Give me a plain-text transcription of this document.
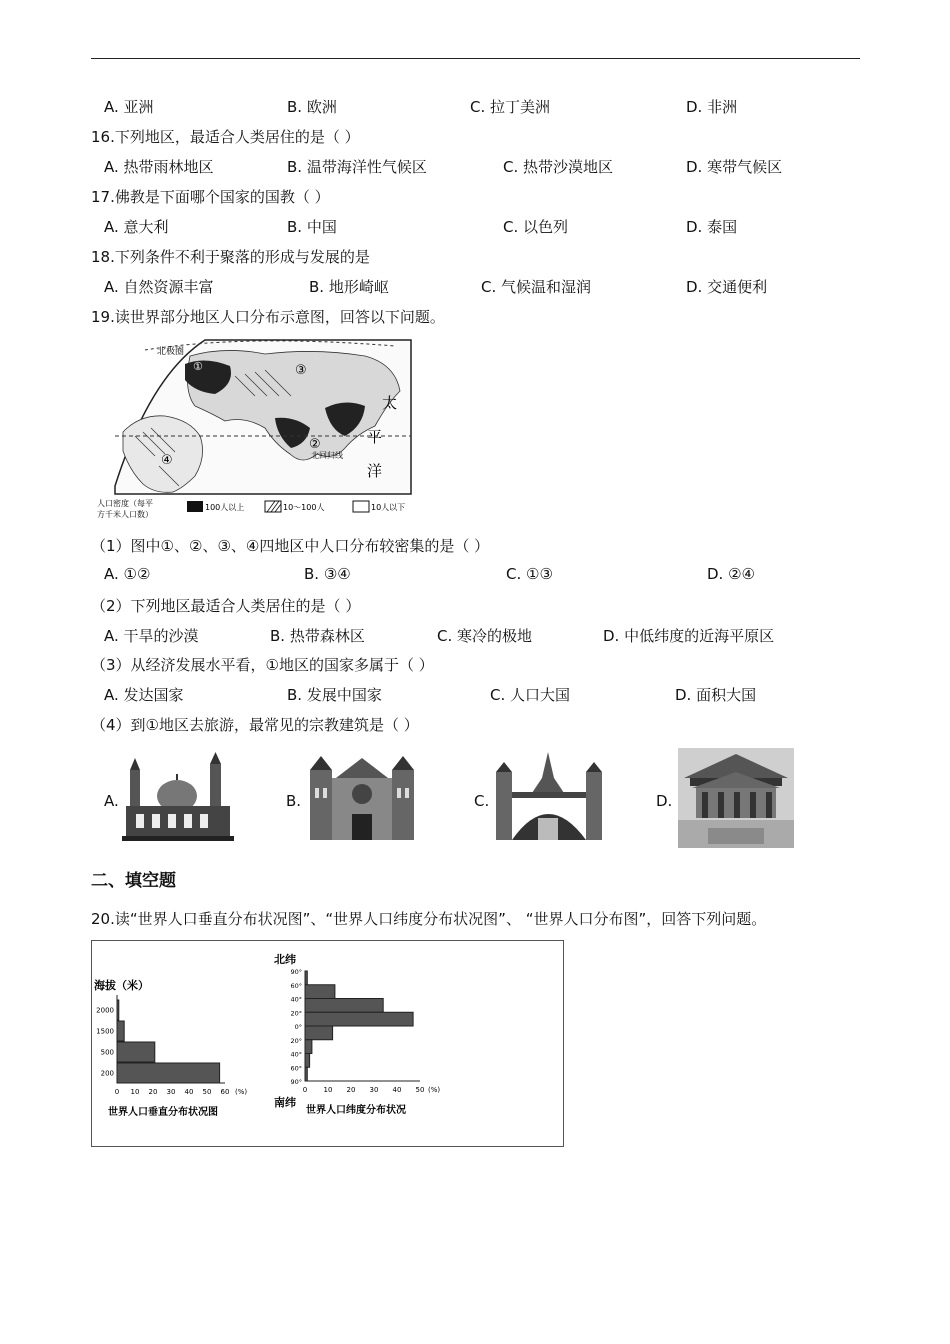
A. 亚洲	B. 欧洲	C. 拉丁美洲	D. 非洲
16.下列地区，最适合人类居住的是（ ）
A. 热带雨林地区	B. 温带海洋性气候区	C. 热带沙漠地区	D. 寒带气候区
17.佛教是下面哪个国家的国教（ ）
A. 意大利	B. 中国	C. 以色列	D. 泰国
18.下列条件不利于聚落的形成与发展的是
A. 自然资源丰富	B. 地形崎岖	C. 气候温和湿润	D. 交通便利
19.读世界部分地区人口分布示意图，回答以下问题。
北极圈
③
②
④
①
北回归线
太
平
洋
人口密度（每平
方千米人口数）
100人以上	10～100人	10人以下
（1）图中①、②、③、④四地区中人口分布较密集的是（ ）
A. ①②	B. ③④	C. ①③	D. ②④
（2）下列地区最适合人类居住的是（ ）
A. 干旱的沙漠	B. 热带森林区	C. 寒冷的极地	D. 中低纬度的近海平原区
（3）从经济发展水平看，①地区的国家多属于（ ）
A. 发达国家	B. 发展中国家	C. 人口大国	D. 面积大国
（4）到①地区去旅游，最常见的宗教建筑是（ ）
A.	B.	C.	D.
二、填空题
20.读“世界人口垂直分布状况图”、“世界人口纬度分布状况图”、 “世界人口分布图”，回答下列问题。
海拔（米）
世界人口垂直分布状况图
北纬
南纬
世界人口纬度分布状况
2000
1500
500
200
0 10 20 30 40 50 60 (%)
90°
60°
40°
20°
0°
20°
40°
60°
90°
0 10 20 30 40 50 (%)
